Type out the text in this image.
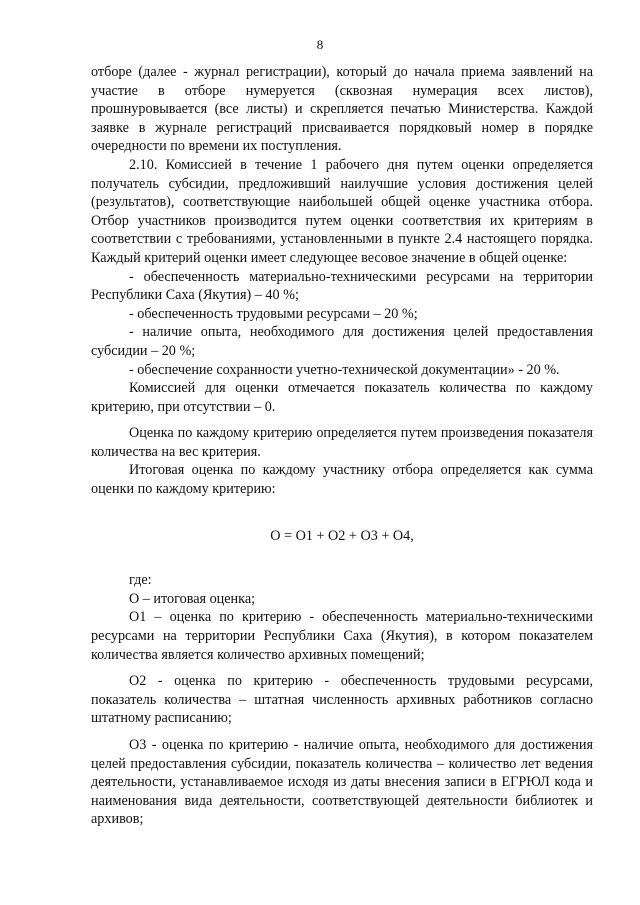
8

отборе (далее - журнал регистрации), который до начала приема заявлений на участие в отборе нумеруется (сквозная нумерация всех листов), прошнуровывается (все листы) и скрепляется печатью Министерства. Каждой заявке в журнале регистраций присваивается порядковый номер в порядке очередности по времени их поступления.

2.10. Комиссией в течение 1 рабочего дня путем оценки определяется получатель субсидии, предложивший наилучшие условия достижения целей (результатов), соответствующие наибольшей общей оценке участника отбора. Отбор участников производится путем оценки соответствия их критериям в соответствии с требованиями, установленными в пункте 2.4 настоящего порядка. Каждый критерий оценки имеет следующее весовое значение в общей оценке:

- обеспеченность материально-техническими ресурсами на территории Республики Саха (Якутия) – 40 %;

- обеспеченность трудовыми ресурсами – 20 %;

- наличие опыта, необходимого для достижения целей предоставления субсидии – 20 %;

- обеспечение сохранности учетно-технической документации» - 20 %.

Комиссией для оценки отмечается показатель количества по каждому критерию, при отсутствии – 0.

Оценка по каждому критерию определяется путем произведения показателя количества на вес критерия.

Итоговая оценка по каждому участнику отбора определяется как сумма оценки по каждому критерию:

О = О1 + О2 + О3 + О4,

где:

О – итоговая оценка;

О1 – оценка по критерию - обеспеченность материально-техническими ресурсами на территории Республики Саха (Якутия), в котором показателем количества является количество архивных помещений;

О2 - оценка по критерию - обеспеченность трудовыми ресурсами, показатель количества – штатная численность архивных работников согласно штатному расписанию;

О3 - оценка по критерию - наличие опыта, необходимого для достижения целей предоставления субсидии, показатель количества – количество лет ведения деятельности, устанавливаемое исходя из даты внесения записи в ЕГРЮЛ кода и наименования вида деятельности, соответствующей деятельности библиотек и архивов;
